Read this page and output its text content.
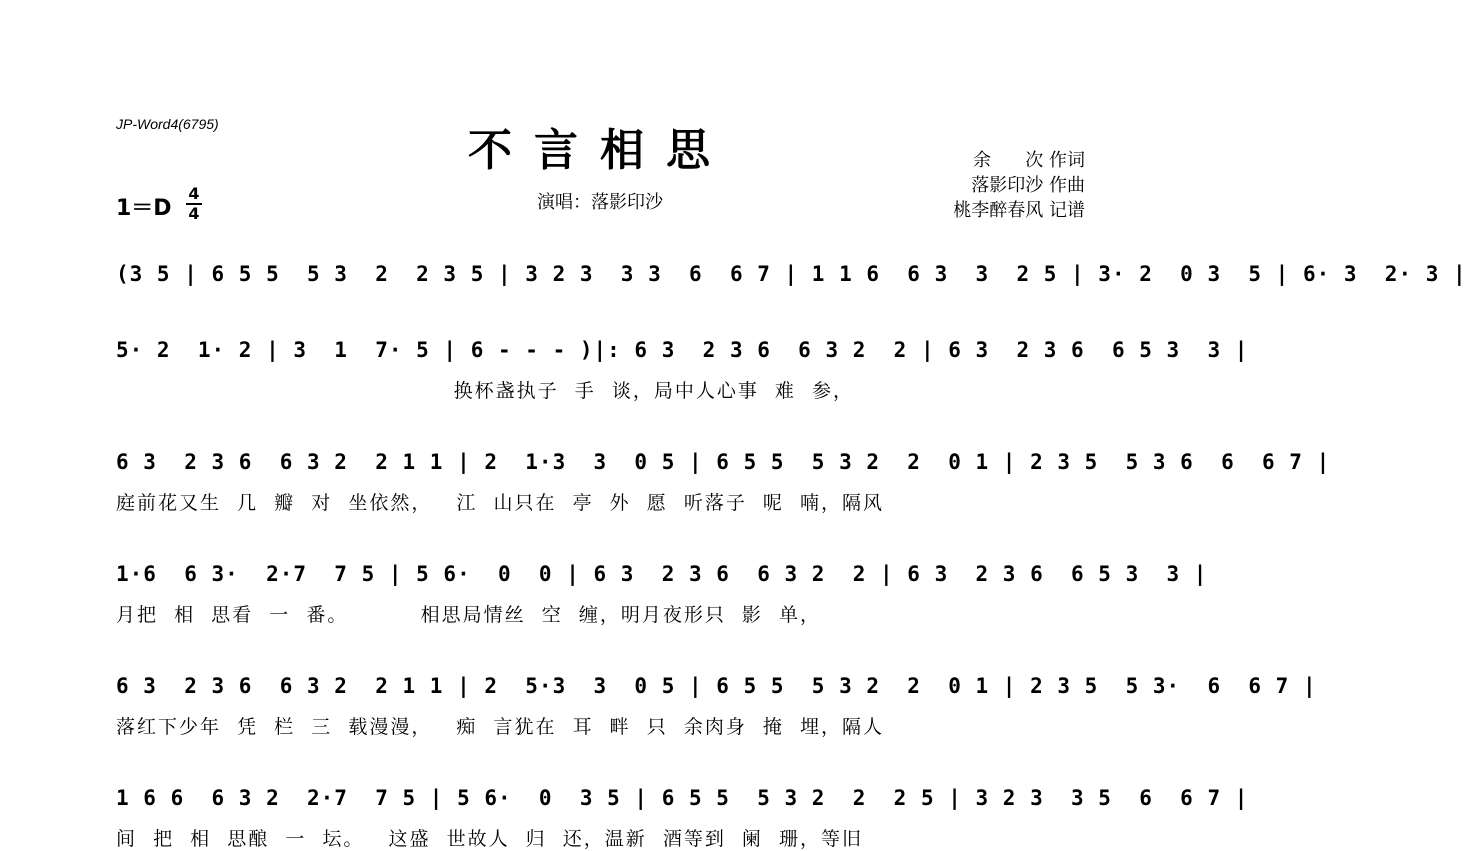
JP-Word4(6795)
不言相思
演唱：落影印沙
余      次 作词
落影印沙 作曲
桃李醉春风 记谱
1＝D
4
4
(3 5 | 6 5 5  5 3  2  2 3 5 | 3 2 3  3 3  6  6 7 | 1 1 6  6 3  3  2 5 | 3· 2  0 3  5 | 6· 3  2· 3 |
5· 2  1· 2 | 3  1  7· 5 | 6 - - - )|: 6 3  2 3 6  6 3 2  2 | 6 3  2 3 6  6 5 3  3 |
换杯盏执子  手  谈，局中人心事  难  参，
6 3  2 3 6  6 3 2  2 1 1 | 2  1·3  3  0 5 | 6 5 5  5 3 2  2  0 1 | 2 3 5  5 3 6  6  6 7 |
庭前花又生  几  瓣  对  坐依然，   江  山只在  亭  外  愿  听落子  呢  喃，隔风
1·6  6 3·  2·7  7 5 | 5 6·  0  0 | 6 3  2 3 6  6 3 2  2 | 6 3  2 3 6  6 5 3  3 |
月把  相  思看  一  番。         相思局情丝  空  缠，明月夜形只  影  单，
6 3  2 3 6  6 3 2  2 1 1 | 2  5·3  3  0 5 | 6 5 5  5 3 2  2  0 1 | 2 3 5  5 3·  6  6 7 |
落红下少年  凭  栏  三  载漫漫，   痴  言犹在  耳  畔  只  余肉身  掩  埋，隔人
1 6 6  6 3 2  2·7  7 5 | 5 6·  0  3 5 | 6 5 5  5 3 2  2  2 5 | 3 2 3  3 5  6  6 7 |
间  把  相  思酿  一  坛。   这盛  世故人  归  还，温新  酒等到  阑  珊，等旧
